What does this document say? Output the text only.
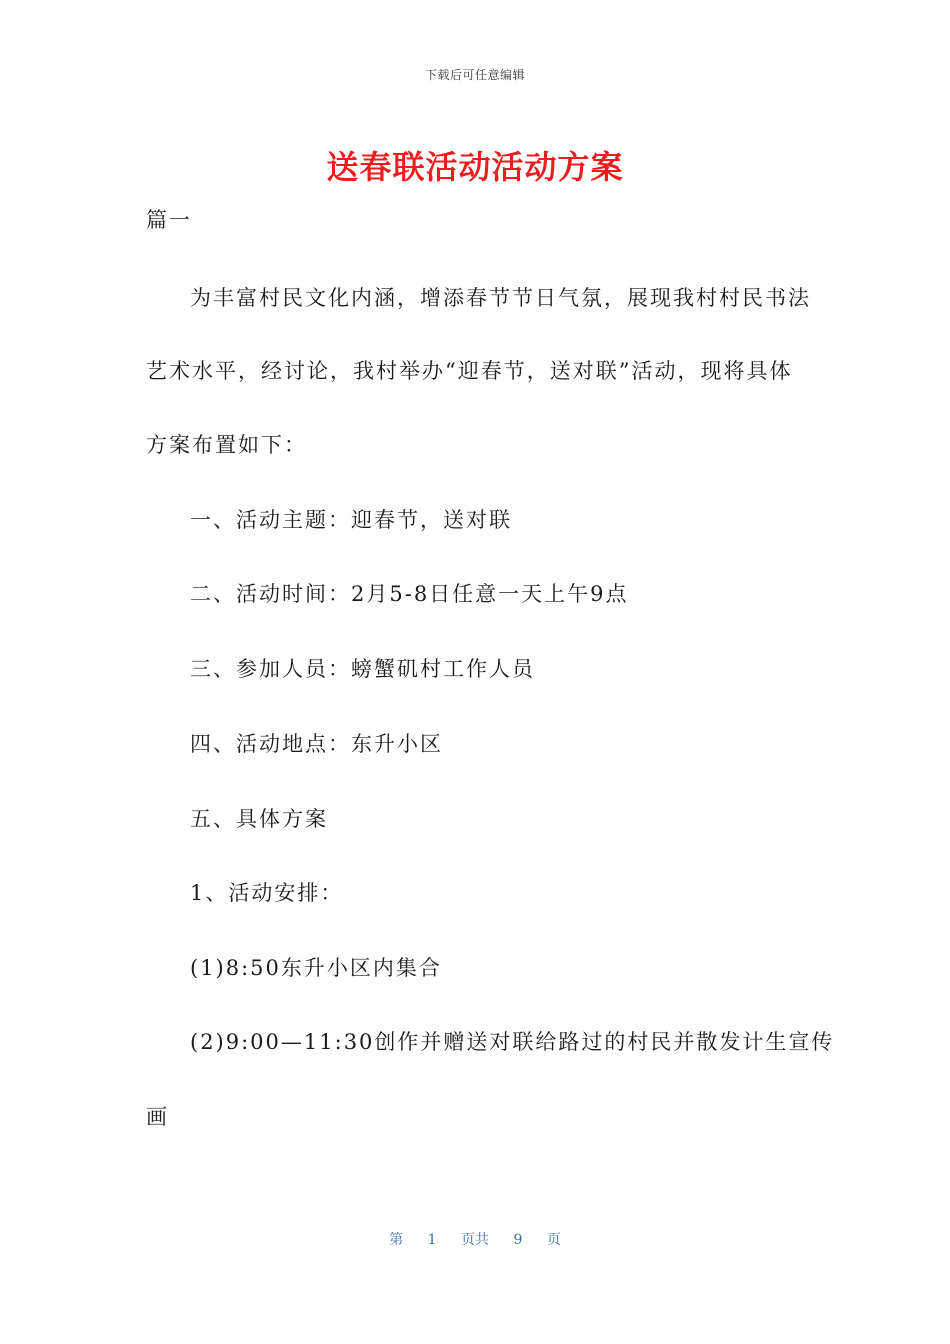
下载后可任意编辑
送春联活动活动方案
篇一
为丰富村民文化内涵，增添春节节日气氛，展现我村村民书法
艺术水平，经讨论，我村举办“迎春节，送对联”活动，现将具体
方案布置如下：
一、活动主题：迎春节，送对联
二、活动时间：2月5-8日任意一天上午9点
三、参加人员：螃蟹矶村工作人员
四、活动地点：东升小区
五、具体方案
1、活动安排：
(1)8:50东升小区内集合
(2)9:00—11:30创作并赠送对联给路过的村民并散发计生宣传
画
第 1 页共 9 页
